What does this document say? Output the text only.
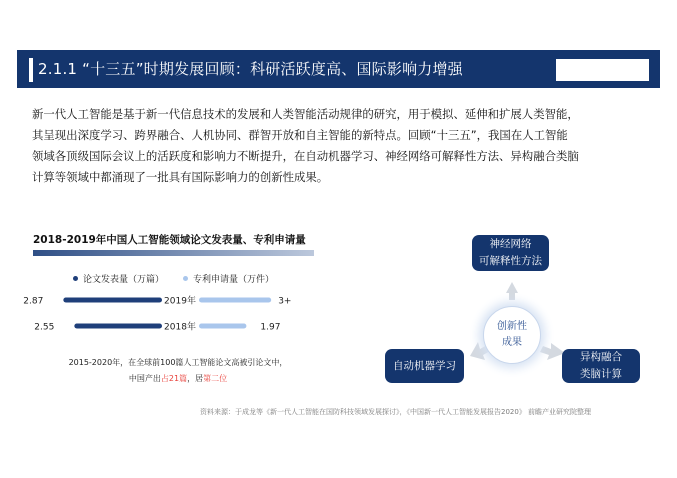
2.1.1 “十三五”时期发展回顾：科研活跃度高、国际影响力增强

新一代人工智能是基于新一代信息技术的发展和人类智能活动规律的研究，用于模拟、延伸和扩展人类智能，

其呈现出深度学习、跨界融合、人机协同、群智开放和自主智能的新特点。回顾“十三五”，我国在人工智能

领域各顶级国际会议上的活跃度和影响力不断提升，在自动机器学习、神经网络可解释性方法、异构融合类脑

计算等领域中都涌现了一批具有国际影响力的创新性成果。

2018-2019年中国人工智能领域论文发表量、专利申请量
论文发表量（万篇）	专利申请量（万件）
2019年
2.87	3+
2018年
2.55	1.97
2015-2020年，在全球前100篇人工智能论文高被引论文中，
中国产出占21篇，居第二位
神经网络
可解释性方法
自动机器学习
异构融合
类脑计算
创新性
成果
资料来源：于成龙等《新一代人工智能在国防科技领域发展探讨》，《中国新一代人工智能发展报告2020》 前瞻产业研究院整理
